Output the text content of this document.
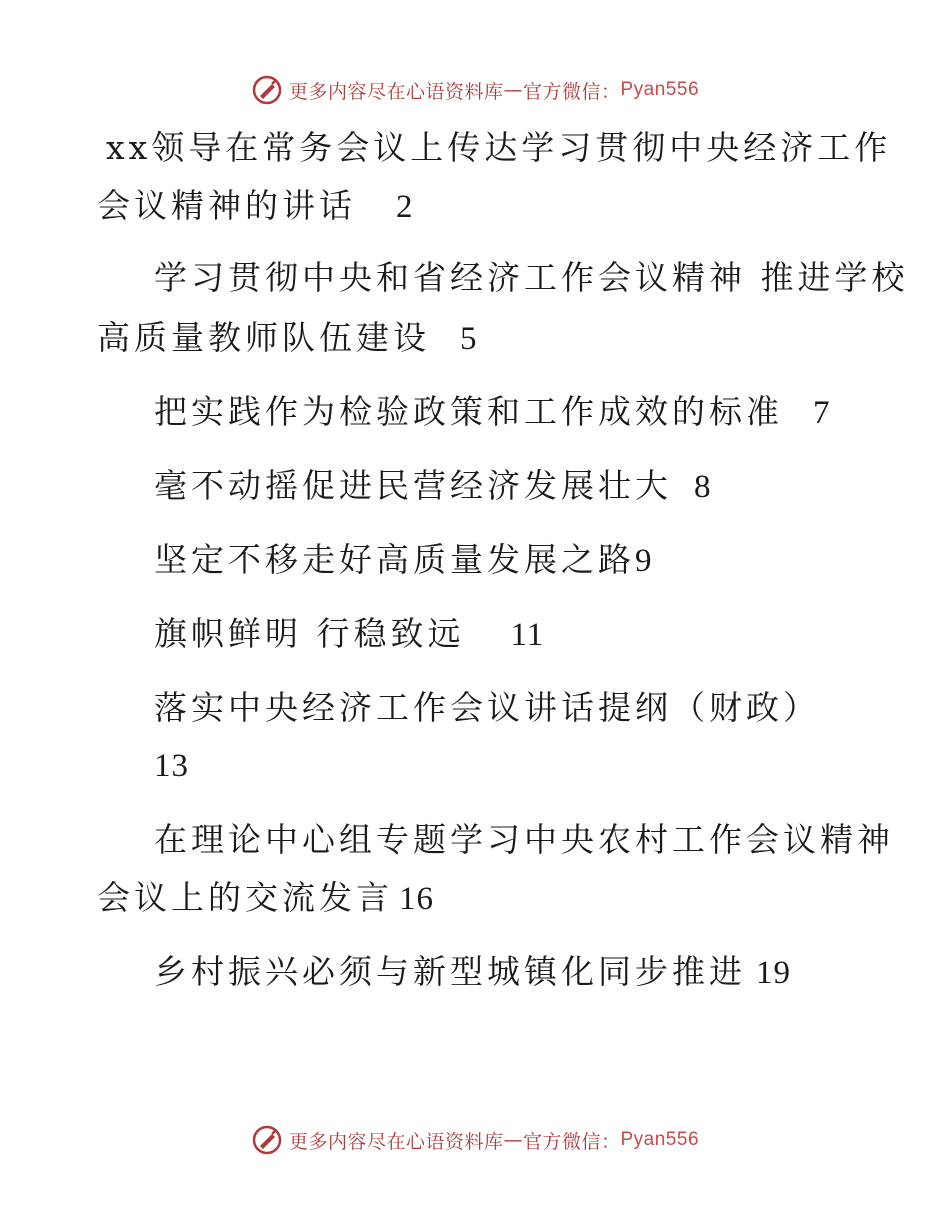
更多内容尽在心语资料库 — 官方微信： Pyan556
xx领导在常务会议上传达学习贯彻中央经济工作
会议精神的讲话 2
学习贯彻中央和省经济工作会议精神 推进学校
高质量教师队伍建设 5
把实践作为检验政策和工作成效的标准 7
毫不动摇促进民营经济发展壮大 8
坚定不移走好高质量发展之路9
旗帜鲜明 行稳致远 11
落实中央经济工作会议讲话提纲（财政）
13
在理论中心组专题学习中央农村工作会议精神
会议上的交流发言 16
乡村振兴必须与新型城镇化同步推进 19
更多内容尽在心语资料库 — 官方微信： Pyan556
